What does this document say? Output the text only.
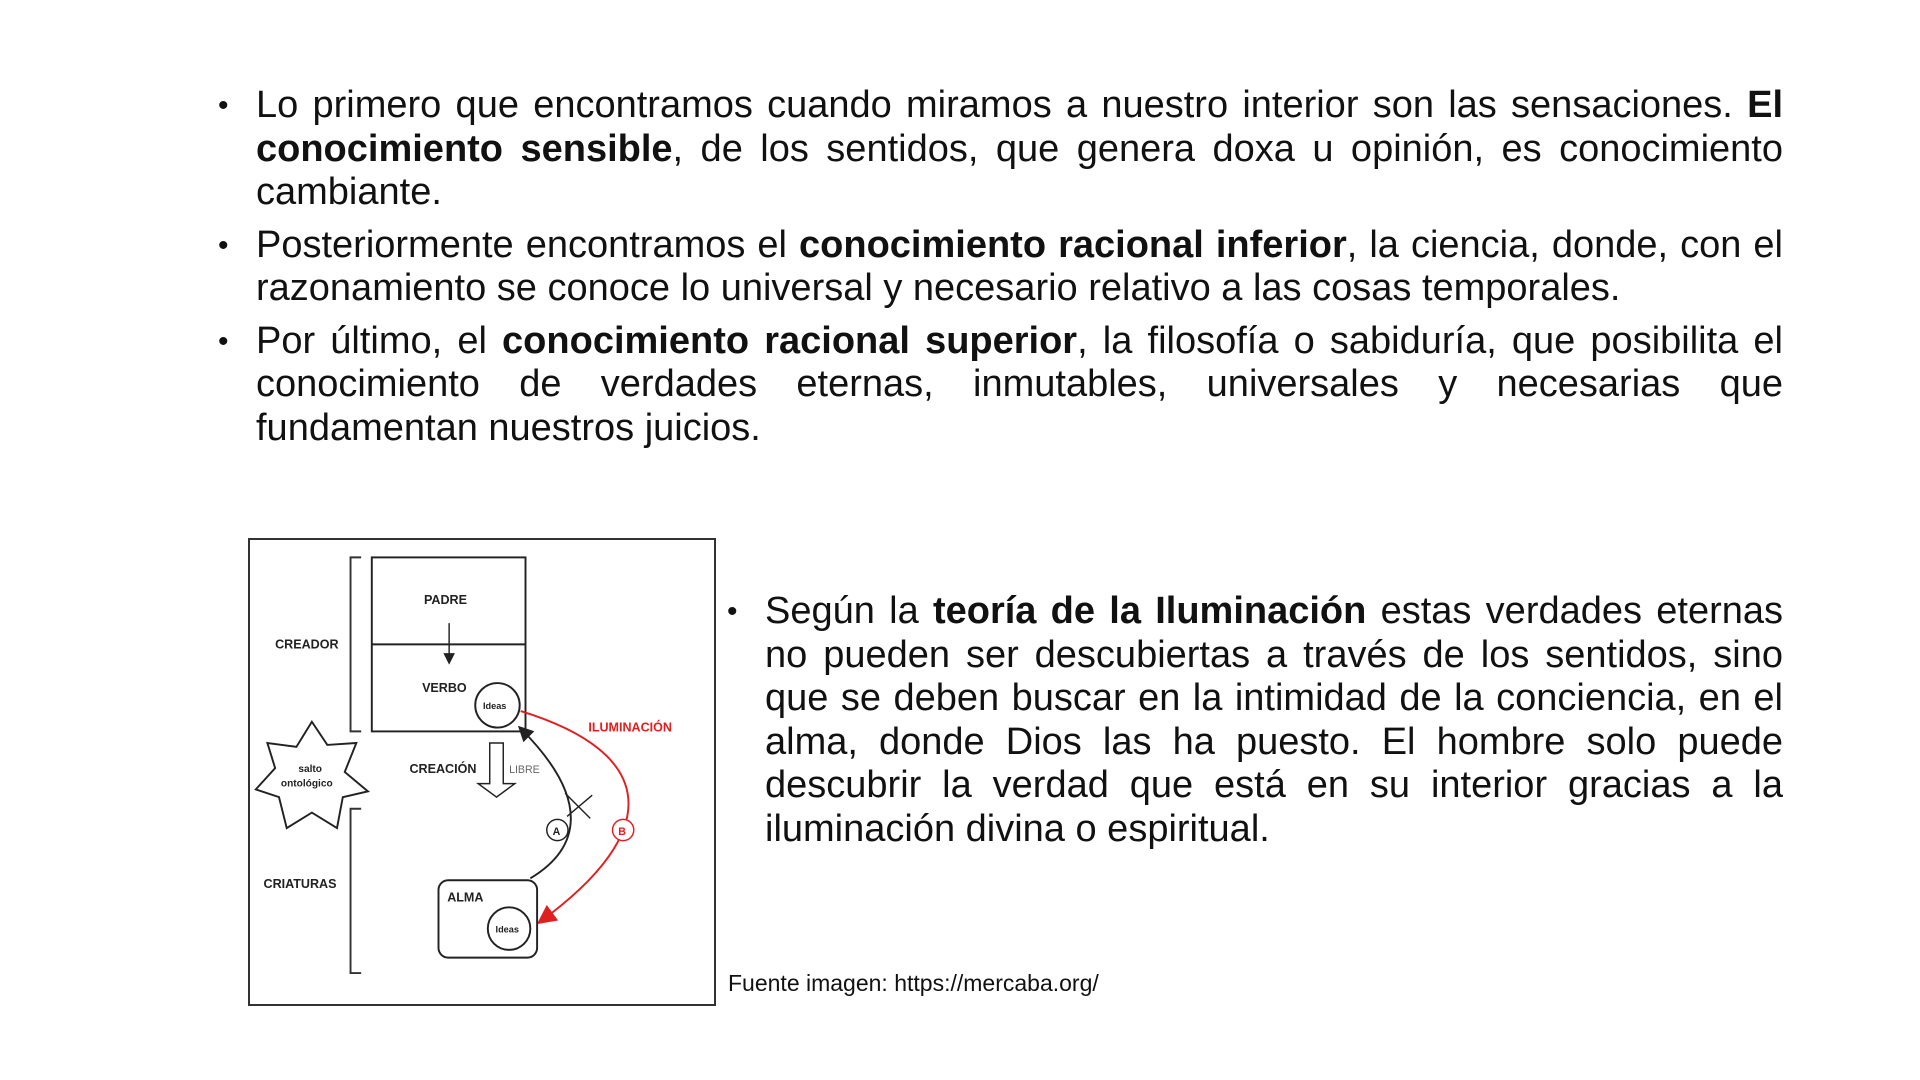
• Lo primero que encontramos cuando miramos a nuestro interior son las sensaciones. El conocimiento sensible, de los sentidos, que genera doxa u opinión, es conocimiento cambiante.
• Posteriormente encontramos el conocimiento racional inferior, la ciencia, donde, con el razonamiento se conoce lo universal y necesario relativo a las cosas temporales.
• Por último, el conocimiento racional superior, la filosofía o sabiduría, que posibilita el conocimiento de verdades eternas, inmutables, universales y necesarias que fundamentan nuestros juicios.
CREADOR
CRIATURAS
PADRE
VERBO
Ideas
salto
ontológico
CREACIÓN	LIBRE
A
ILUMINACIÓN
B
ALMA
Ideas
• Según la teoría de la Iluminación estas verdades eternas no pueden ser descubiertas a través de los sentidos, sino que se deben buscar en la intimidad de la conciencia, en el alma, donde Dios las ha puesto. El hombre solo puede descubrir la verdad que está en su interior gracias a la iluminación divina o espiritual.
Fuente imagen: https://mercaba.org/
